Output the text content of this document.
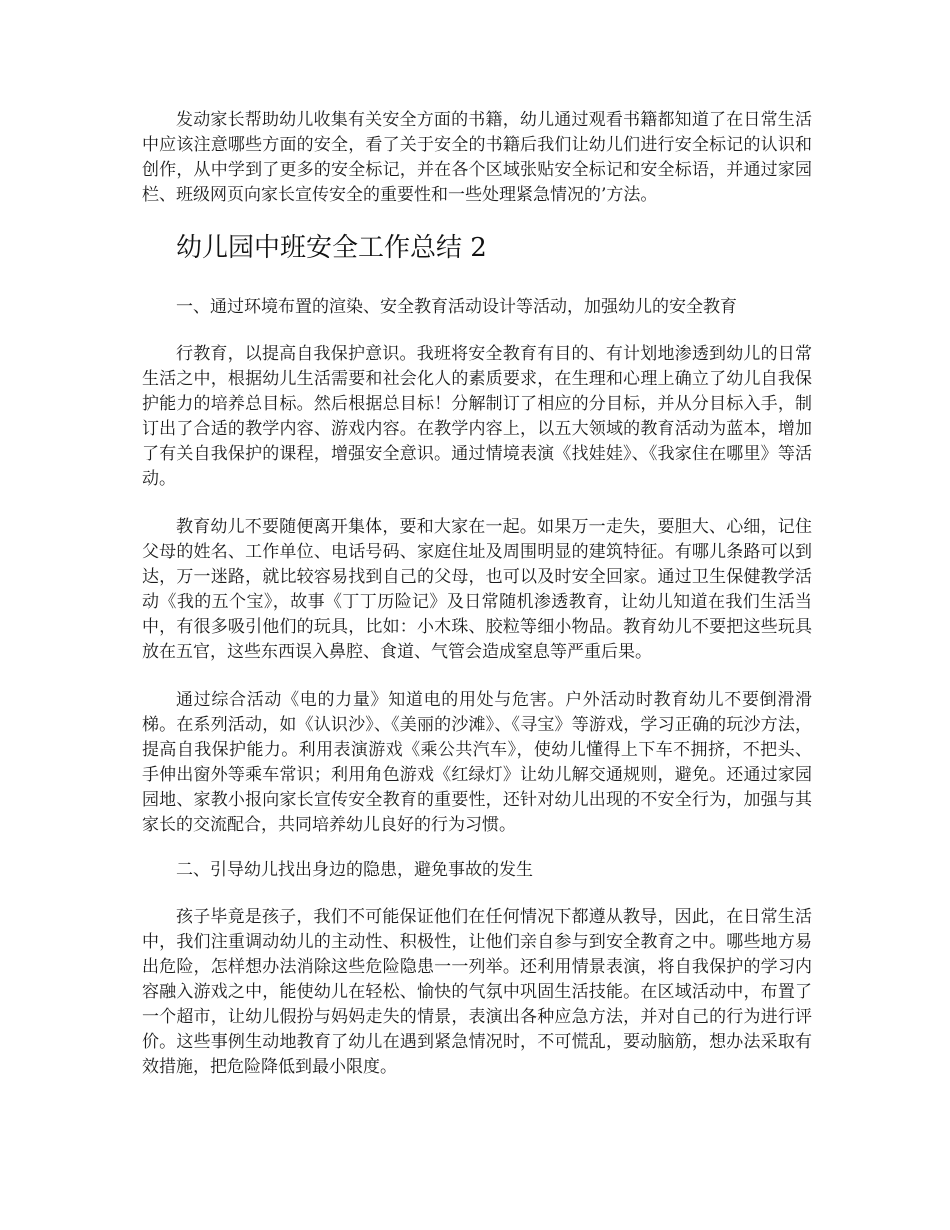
发动家长帮助幼儿收集有关安全方面的书籍，幼儿通过观看书籍都知道了在日常生活中应该注意哪些方面的安全，看了关于安全的书籍后我们让幼儿们进行安全标记的认识和创作，从中学到了更多的安全标记，并在各个区域张贴安全标记和安全标语，并通过家园栏、班级网页向家长宣传安全的重要性和一些处理紧急情况的’方法。

幼儿园中班安全工作总结 2

一、通过环境布置的渲染、安全教育活动设计等活动，加强幼儿的安全教育

行教育，以提高自我保护意识。我班将安全教育有目的、有计划地渗透到幼儿的日常生活之中，根据幼儿生活需要和社会化人的素质要求，在生理和心理上确立了幼儿自我保护能力的培养总目标。然后根据总目标！分解制订了相应的分目标，并从分目标入手，制订出了合适的教学内容、游戏内容。在教学内容上，以五大领域的教育活动为蓝本，增加了有关自我保护的课程，增强安全意识。通过情境表演《找娃娃》、《我家住在哪里》等活动。

教育幼儿不要随便离开集体，要和大家在一起。如果万一走失，要胆大、心细，记住父母的姓名、工作单位、电话号码、家庭住址及周围明显的建筑特征。有哪儿条路可以到达，万一迷路，就比较容易找到自己的父母，也可以及时安全回家。通过卫生保健教学活动《我的五个宝》，故事《丁丁历险记》及日常随机渗透教育，让幼儿知道在我们生活当中，有很多吸引他们的玩具，比如：小木珠、胶粒等细小物品。教育幼儿不要把这些玩具放在五官，这些东西误入鼻腔、食道、气管会造成窒息等严重后果。

通过综合活动《电的力量》知道电的用处与危害。户外活动时教育幼儿不要倒滑滑梯。在系列活动，如《认识沙》、《美丽的沙滩》、《寻宝》等游戏，学习正确的玩沙方法，提高自我保护能力。利用表演游戏《乘公共汽车》，使幼儿懂得上下车不拥挤，不把头、手伸出窗外等乘车常识；利用角色游戏《红绿灯》让幼儿解交通规则，避免。还通过家园园地、家教小报向家长宣传安全教育的重要性，还针对幼儿出现的不安全行为，加强与其家长的交流配合，共同培养幼儿良好的行为习惯。

二、引导幼儿找出身边的隐患，避免事故的发生

孩子毕竟是孩子，我们不可能保证他们在任何情况下都遵从教导，因此，在日常生活中，我们注重调动幼儿的主动性、积极性，让他们亲自参与到安全教育之中。哪些地方易出危险，怎样想办法消除这些危险隐患一一列举。还利用情景表演，将自我保护的学习内容融入游戏之中，能使幼儿在轻松、愉快的气氛中巩固生活技能。在区域活动中，布置了一个超市，让幼儿假扮与妈妈走失的情景，表演出各种应急方法，并对自己的行为进行评价。这些事例生动地教育了幼儿在遇到紧急情况时，不可慌乱，要动脑筋，想办法采取有效措施，把危险降低到最小限度。
